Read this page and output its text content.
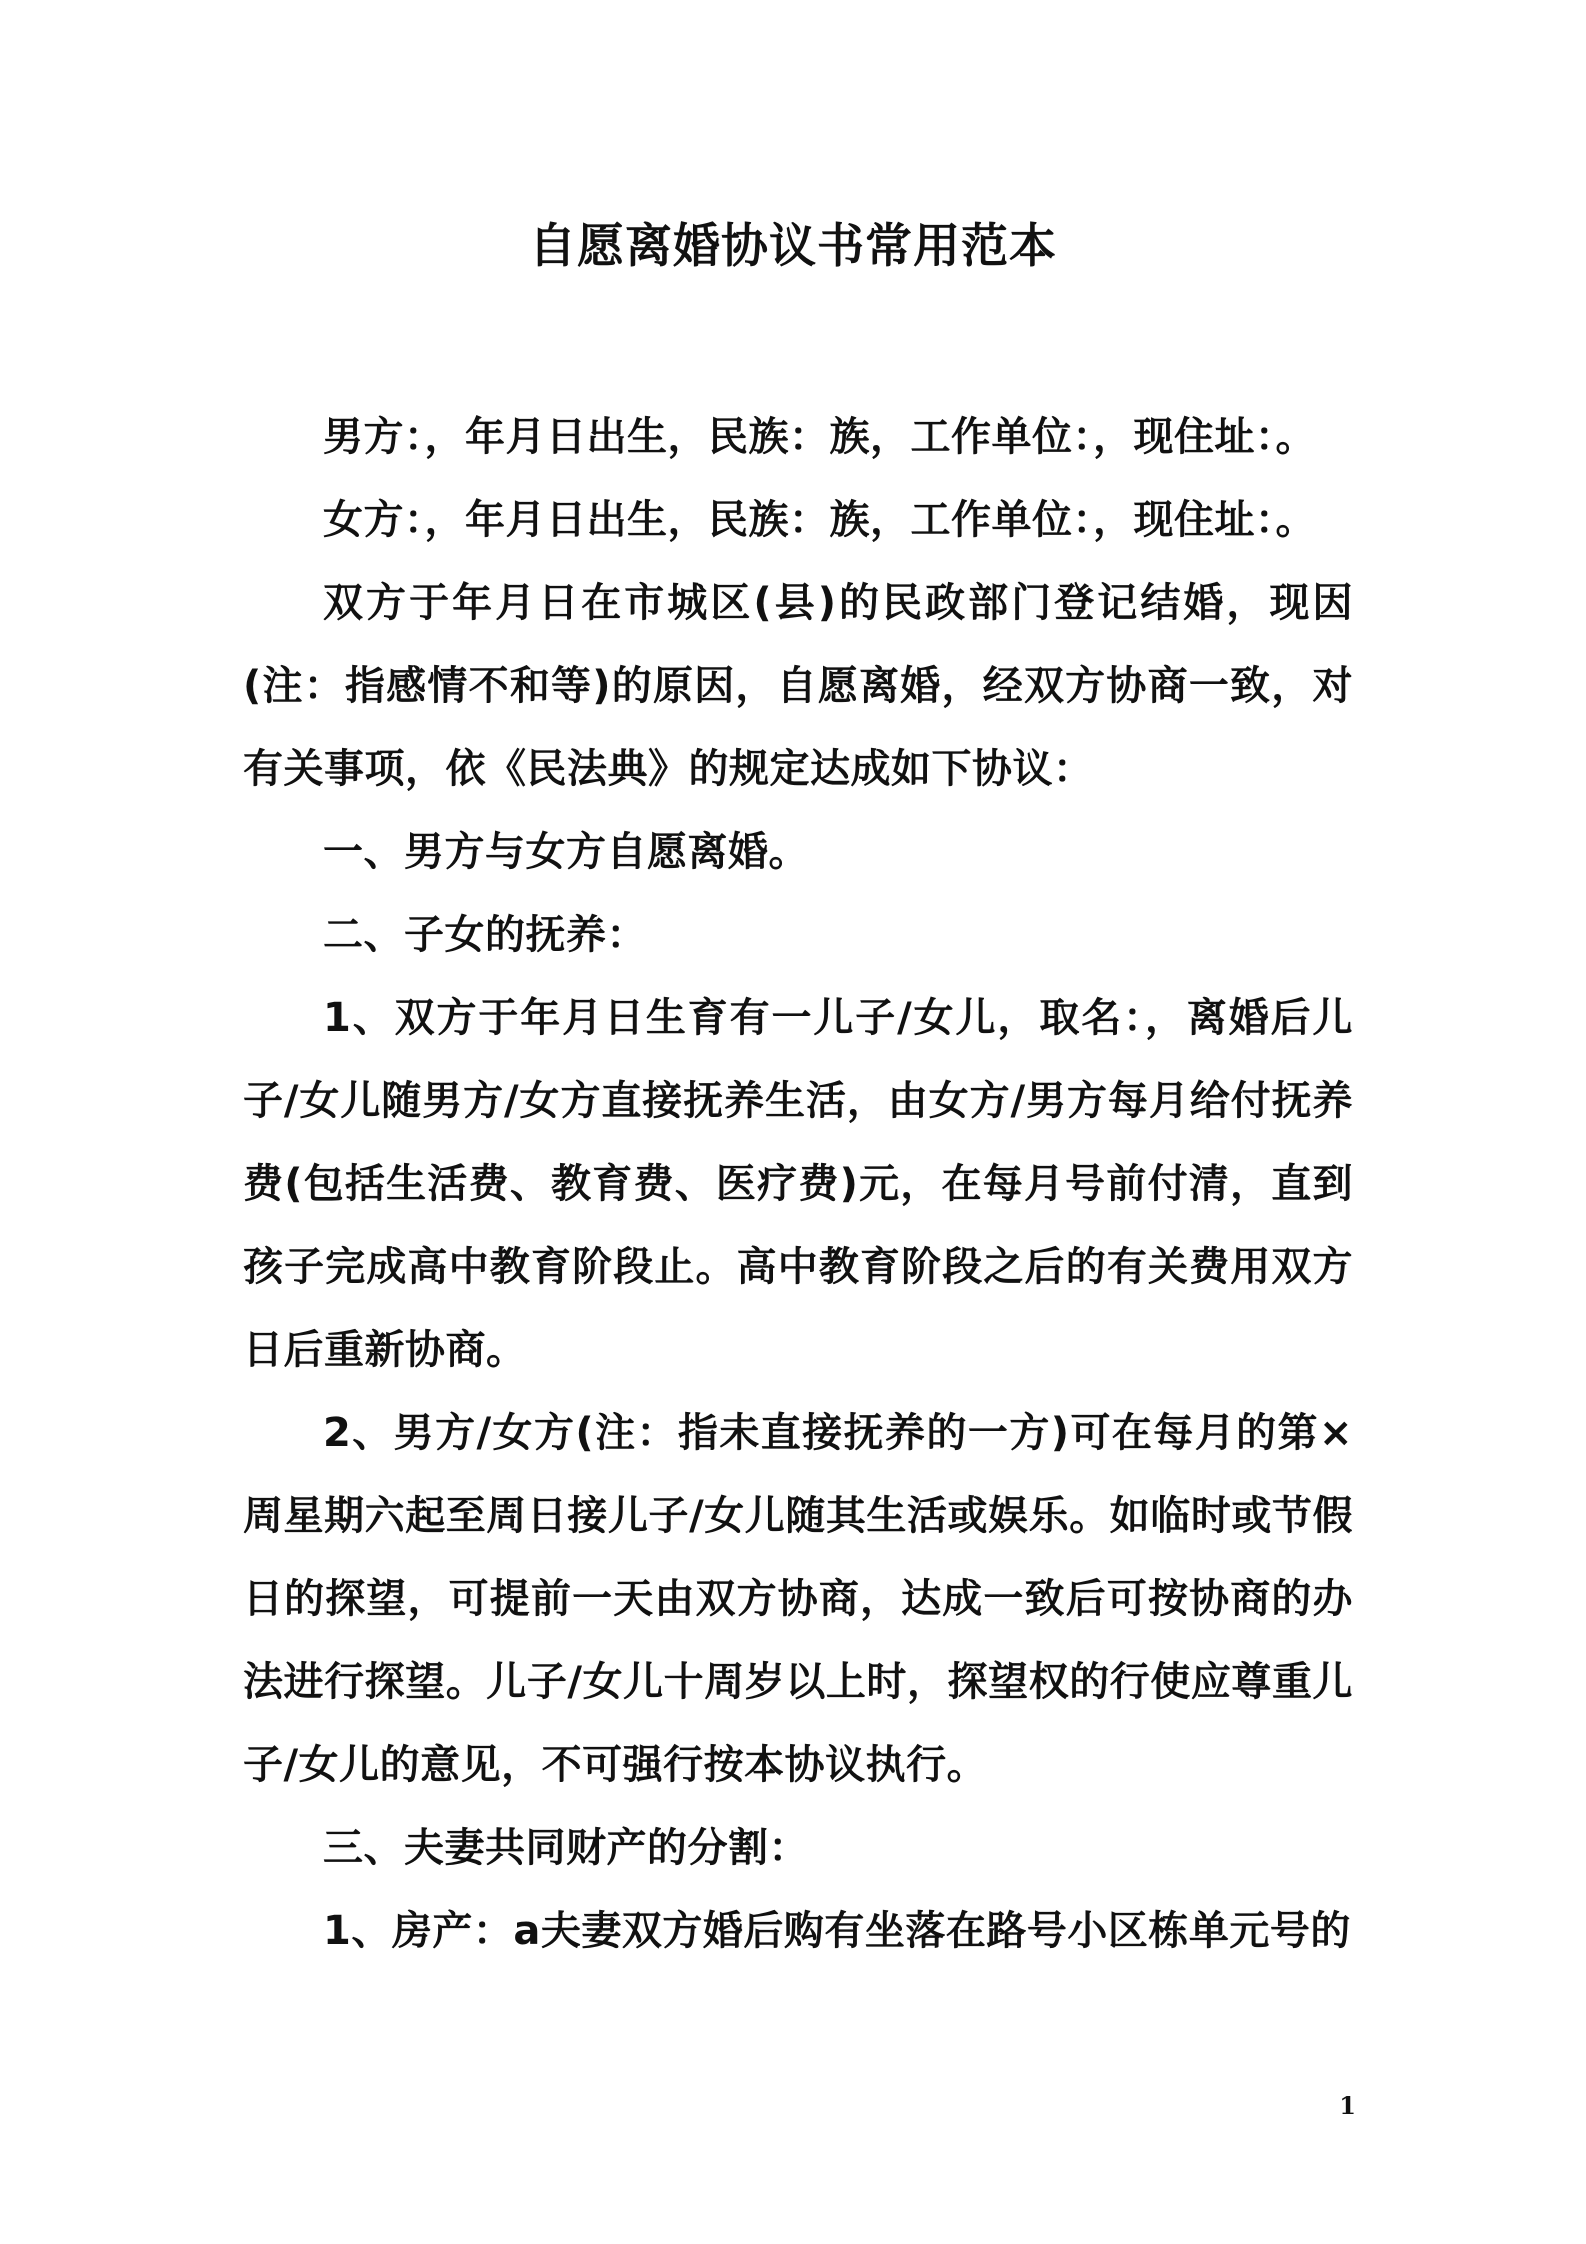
自愿离婚协议书常用范本

男方：，年月日出生，民族：族，工作单位：，现住址：。

女方：，年月日出生，民族：族，工作单位：，现住址：。

双方于年月日在市城区(县)的民政部门登记结婚，现因(注：指感情不和等)的原因，自愿离婚，经双方协商一致，对有关事项，依《民法典》的规定达成如下协议：

一、男方与女方自愿离婚。

二、子女的抚养：

1、双方于年月日生育有一儿子/女儿，取名：，离婚后儿子/女儿随男方/女方直接抚养生活，由女方/男方每月给付抚养费(包括生活费、教育费、医疗费)元，在每月号前付清，直到孩子完成高中教育阶段止。高中教育阶段之后的有关费用双方日后重新协商。

2、男方/女方(注：指未直接抚养的一方)可在每月的第×周星期六起至周日接儿子/女儿随其生活或娱乐。如临时或节假日的探望，可提前一天由双方协商，达成一致后可按协商的办法进行探望。儿子/女儿十周岁以上时，探望权的行使应尊重儿子/女儿的意见，不可强行按本协议执行。

三、夫妻共同财产的分割：

1、房产：a夫妻双方婚后购有坐落在路号小区栋单元号的

1
